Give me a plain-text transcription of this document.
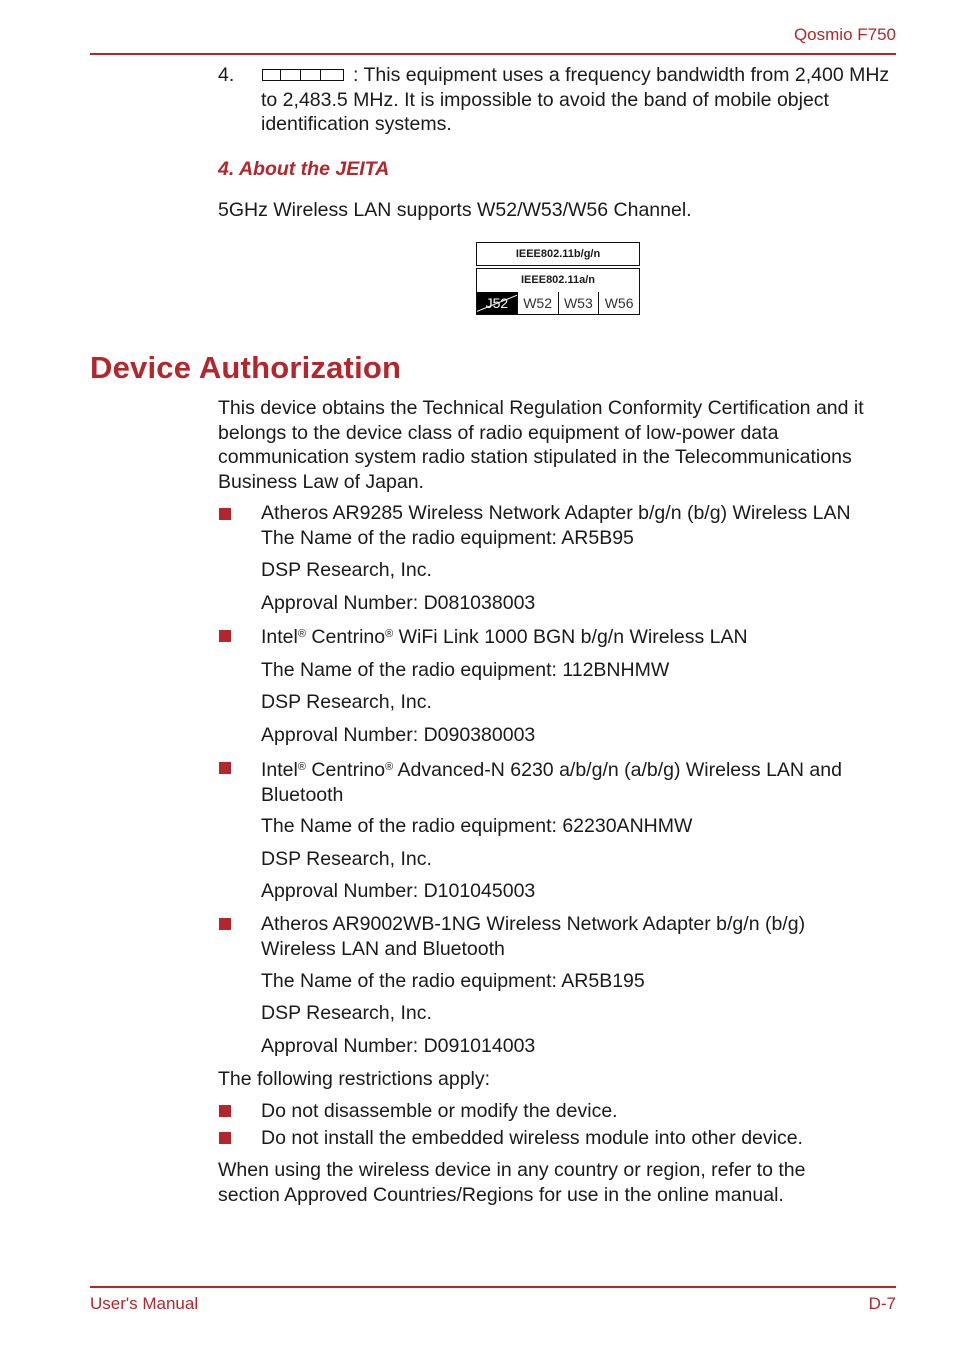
Qosmio F750
4.	: This equipment uses a frequency bandwidth from 2,400 MHz to 2,483.5 MHz. It is impossible to avoid the band of mobile object identification systems.
4. About the JEITA
5GHz Wireless LAN supports W52/W53/W56 Channel.
IEEE802.11b/g/n
IEEE802.11a/n
J52	W52 W53 W56
Device Authorization
This device obtains the Technical Regulation Conformity Certification and it belongs to the device class of radio equipment of low-power data communication system radio station stipulated in the Telecommunications Business Law of Japan.
Atheros AR9285 Wireless Network Adapter b/g/n (b/g) Wireless LAN
The Name of the radio equipment: AR5B95
DSP Research, Inc.
Approval Number: D081038003
Intel® Centrino® WiFi Link 1000 BGN b/g/n Wireless LAN
The Name of the radio equipment: 112BNHMW
DSP Research, Inc.
Approval Number: D090380003
Intel® Centrino® Advanced-N 6230 a/b/g/n (a/b/g) Wireless LAN and Bluetooth
The Name of the radio equipment: 62230ANHMW
DSP Research, Inc.
Approval Number: D101045003
Atheros AR9002WB-1NG Wireless Network Adapter b/g/n (b/g) Wireless LAN and Bluetooth
The Name of the radio equipment: AR5B195
DSP Research, Inc.
Approval Number: D091014003
The following restrictions apply:
Do not disassemble or modify the device.
Do not install the embedded wireless module into other device.
When using the wireless device in any country or region, refer to the section Approved Countries/Regions for use in the online manual.
User's Manual	D-7
